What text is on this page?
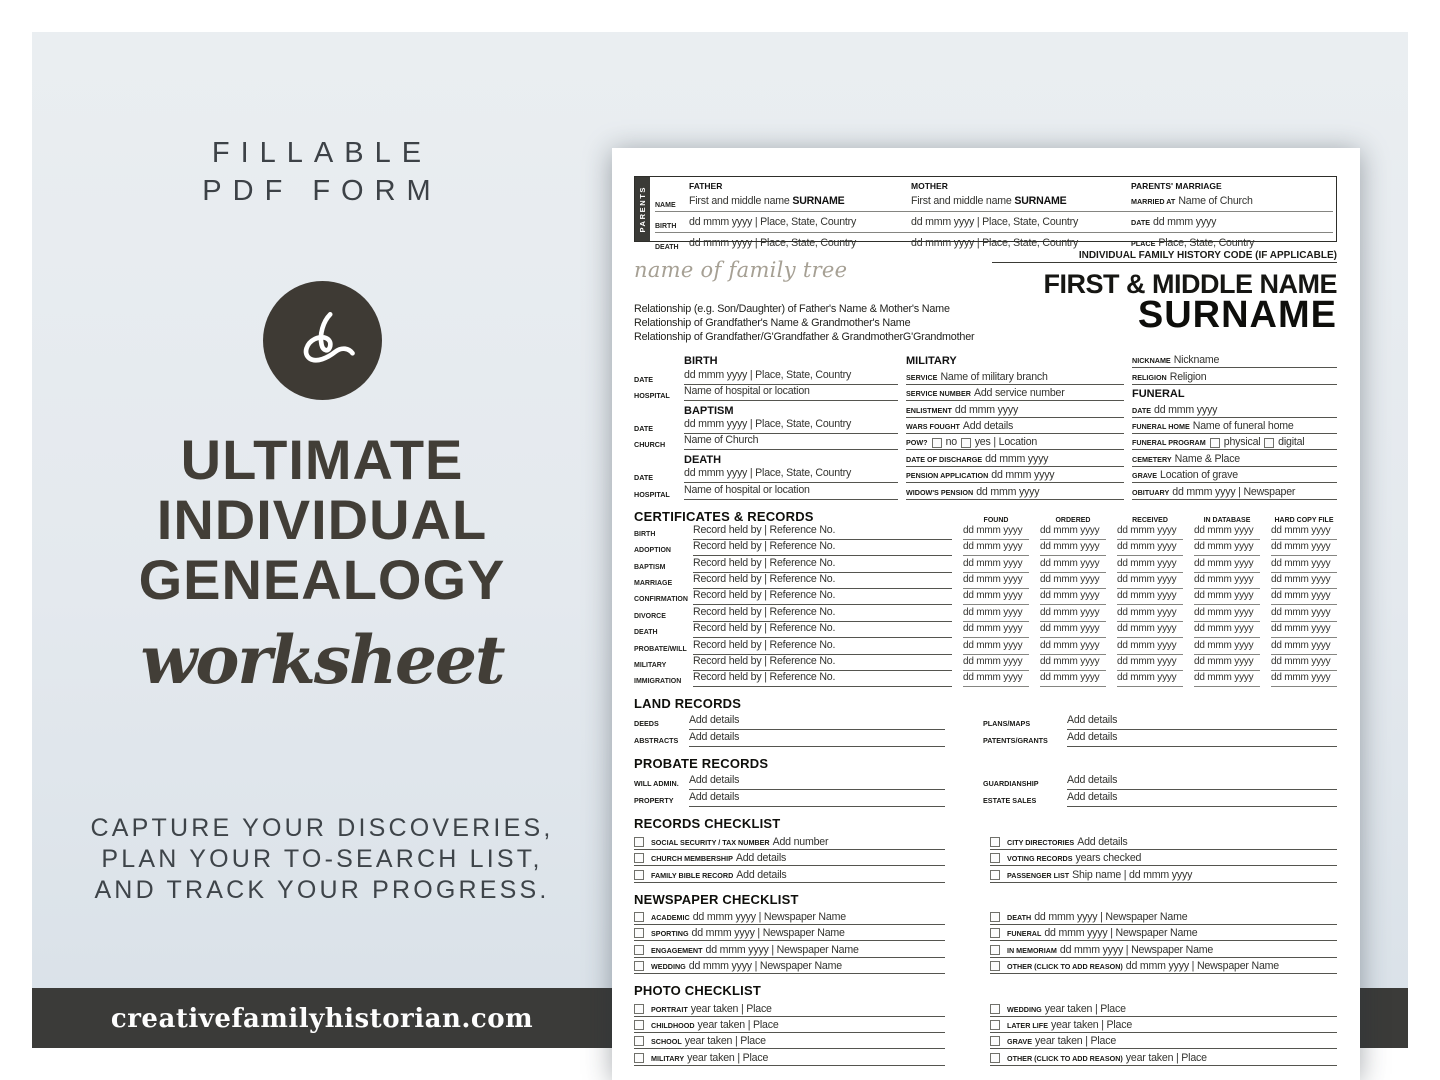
FILLABLE
PDF FORM
ULTIMATE
INDIVIDUAL
GENEALOGY
worksheet
CAPTURE YOUR DISCOVERIES,
PLAN YOUR TO-SEARCH LIST,
AND TRACK YOUR PROGRESS.
creativefamilyhistorian.com
PARENTS	FATHER	MOTHER	PARENTS' MARRIAGE
NAME	First and middle name SURNAME	First and middle name SURNAME	MARRIED AT Name of Church
BIRTH	dd mmm yyyy | Place, State, Country	dd mmm yyyy | Place, State, Country	DATE dd mmm yyyy
DEATH dd mmm yyyy | Place, State, Country	dd mmm yyyy | Place, State, Country	PLACE Place, State, Country
name of family tree
Relationship (e.g. Son/Daughter) of Father's Name & Mother's Name
Relationship of Grandfather's Name & Grandmother's Name
Relationship of Grandfather/G'Grandfather & GrandmotherG'Grandmother
INDIVIDUAL FAMILY HISTORY CODE (IF APPLICABLE)
FIRST & MIDDLE NAME
SURNAME
BIRTH
DATE	dd mmm yyyy | Place, State, Country
HOSPITAL	Name of hospital or location
BAPTISM
DATE	dd mmm yyyy | Place, State, Country
CHURCH	Name of Church
DEATH
DATE	dd mmm yyyy | Place, State, Country
HOSPITAL	Name of hospital or location
MILITARY
SERVICE Name of military branch
SERVICE NUMBER Add service number
ENLISTMENT dd mmm yyyy
WARS FOUGHT Add details
POW? no yes | Location
DATE OF DISCHARGE dd mmm yyyy
PENSION APPLICATION dd mmm yyyy
WIDOW'S PENSION dd mmm yyyy
NICKNAME Nickname
RELIGION Religion
FUNERAL
DATE dd mmm yyyy
FUNERAL HOME Name of funeral home
FUNERAL PROGRAM physical digital
CEMETERY Name & Place
GRAVE Location of grave
OBITUARY dd mmm yyyy | Newspaper
CERTIFICATES & RECORDS	FOUND	ORDERED	RECEIVED	IN DATABASE	HARD COPY FILE
BIRTH	Record held by | Reference No.	dd mmm yyyy	dd mmm yyyy	dd mmm yyyy	dd mmm yyyy	dd mmm yyyy
ADOPTION	Record held by | Reference No.	dd mmm yyyy	dd mmm yyyy	dd mmm yyyy	dd mmm yyyy	dd mmm yyyy
BAPTISM	Record held by | Reference No.	dd mmm yyyy	dd mmm yyyy	dd mmm yyyy	dd mmm yyyy	dd mmm yyyy
MARRIAGE	Record held by | Reference No.	dd mmm yyyy	dd mmm yyyy	dd mmm yyyy	dd mmm yyyy	dd mmm yyyy
CONFIRMATION Record held by | Reference No.	dd mmm yyyy	dd mmm yyyy	dd mmm yyyy	dd mmm yyyy	dd mmm yyyy
DIVORCE	Record held by | Reference No.	dd mmm yyyy	dd mmm yyyy	dd mmm yyyy	dd mmm yyyy	dd mmm yyyy
DEATH	Record held by | Reference No.	dd mmm yyyy	dd mmm yyyy	dd mmm yyyy	dd mmm yyyy	dd mmm yyyy
PROBATE/WILL Record held by | Reference No.	dd mmm yyyy	dd mmm yyyy	dd mmm yyyy	dd mmm yyyy	dd mmm yyyy
MILITARY	Record held by | Reference No.	dd mmm yyyy	dd mmm yyyy	dd mmm yyyy	dd mmm yyyy	dd mmm yyyy
IMMIGRATION	Record held by | Reference No.	dd mmm yyyy	dd mmm yyyy	dd mmm yyyy	dd mmm yyyy	dd mmm yyyy
LAND RECORDS
DEEDS	Add details
ABSTRACTS	Add details
PLANS/MAPS	Add details
PATENTS/GRANTS	Add details
PROBATE RECORDS
WILL ADMIN. Add details
PROPERTY	Add details
GUARDIANSHIP	Add details
ESTATE SALES	Add details
RECORDS CHECKLIST
SOCIAL SECURITY / TAX NUMBER Add number
CHURCH MEMBERSHIP Add details
FAMILY BIBLE RECORD Add details
CITY DIRECTORIES Add details
VOTING RECORDS years checked
PASSENGER LIST Ship name | dd mmm yyyy
NEWSPAPER CHECKLIST
ACADEMIC dd mmm yyyy | Newspaper Name
SPORTING dd mmm yyyy | Newspaper Name
ENGAGEMENT dd mmm yyyy | Newspaper Name
WEDDING dd mmm yyyy | Newspaper Name
DEATH dd mmm yyyy | Newspaper Name
FUNERAL dd mmm yyyy | Newspaper Name
IN MEMORIAM dd mmm yyyy | Newspaper Name
OTHER (CLICK TO ADD REASON) dd mmm yyyy | Newspaper Name
PHOTO CHECKLIST
PORTRAIT year taken | Place
CHILDHOOD year taken | Place
SCHOOL year taken | Place
MILITARY year taken | Place
WEDDING year taken | Place
LATER LIFE year taken | Place
GRAVE year taken | Place
OTHER (CLICK TO ADD REASON) year taken | Place
